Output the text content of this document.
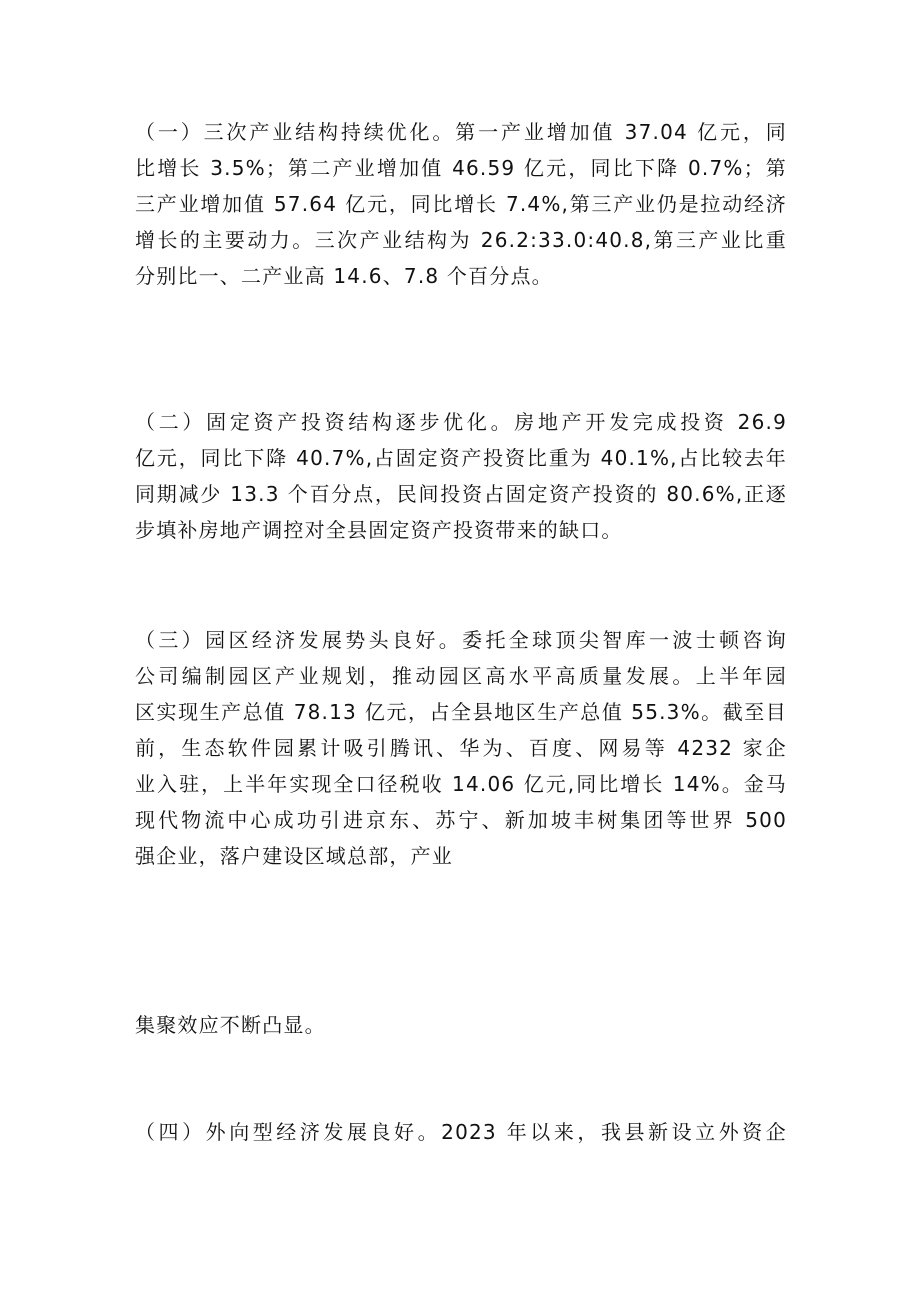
（一）三次产业结构持续优化。第一产业增加值 37.04 亿元，同
比增长 3.5%；第二产业增加值 46.59 亿元，同比下降 0.7%；第
三产业增加值 57.64 亿元，同比增长 7.4%,第三产业仍是拉动经济
增长的主要动力。三次产业结构为 26.2:33.0:40.8,第三产业比重
分别比一、二产业高 14.6、7.8 个百分点。
（二）固定资产投资结构逐步优化。房地产开发完成投资 26.9
亿元，同比下降 40.7%,占固定资产投资比重为 40.1%,占比较去年
同期减少 13.3 个百分点，民间投资占固定资产投资的 80.6%,正逐
步填补房地产调控对全县固定资产投资带来的缺口。
（三）园区经济发展势头良好。委托全球顶尖智库一波士顿咨询
公司编制园区产业规划，推动园区高水平高质量发展。上半年园
区实现生产总值 78.13 亿元，占全县地区生产总值 55.3%。截至目
前，生态软件园累计吸引腾讯、华为、百度、网易等 4232 家企
业入驻，上半年实现全口径税收 14.06 亿元,同比增长 14%。金马
现代物流中心成功引进京东、苏宁、新加坡丰树集团等世界 500
强企业，落户建设区域总部，产业
集聚效应不断凸显。
（四）外向型经济发展良好。2023 年以来，我县新设立外资企
